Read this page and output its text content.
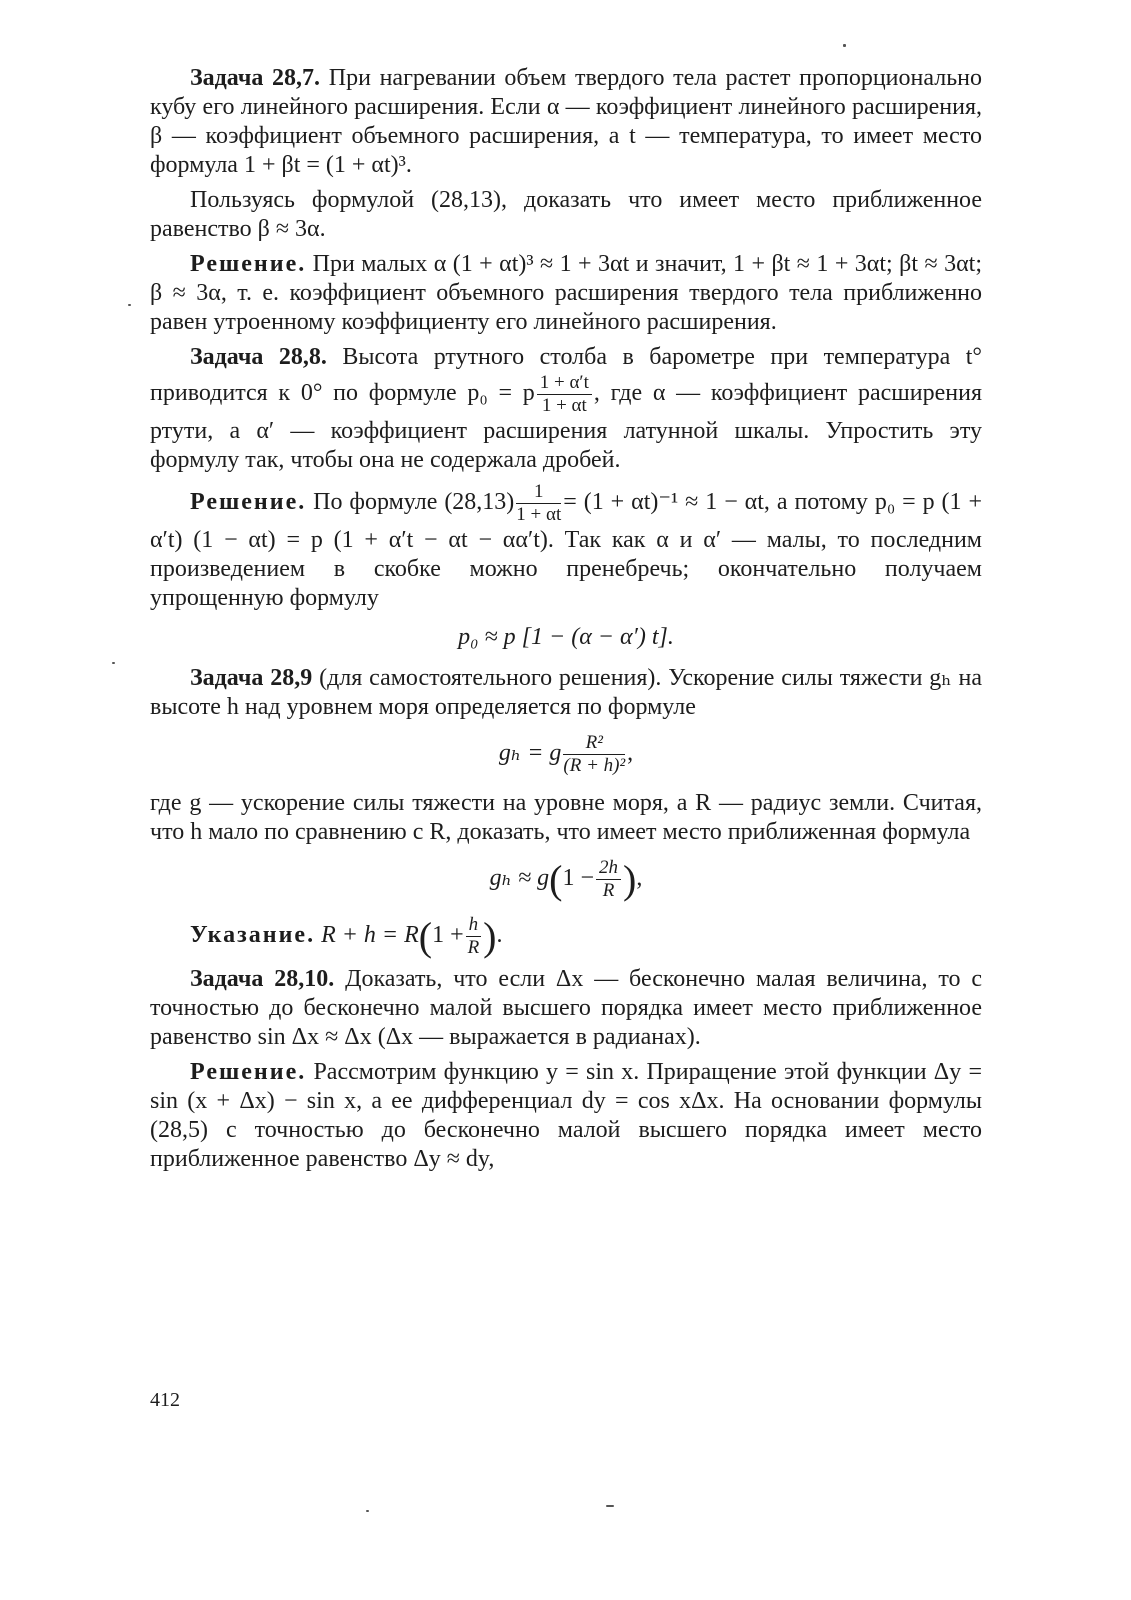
Задача 28,7. При нагревании объем твердого тела растет пропорционально кубу его линейного расширения. Если α — коэффициент линейного расширения, β — коэффициент объемного расширения, а t — температура, то имеет место формула 1 + βt = (1 + αt)³.

Пользуясь формулой (28,13), доказать что имеет место приближенное равенство β ≈ 3α.

Решение. При малых α (1 + αt)³ ≈ 1 + 3αt и значит, 1 + βt ≈ 1 + 3αt; βt ≈ 3αt; β ≈ 3α, т. е. коэффициент объемного расширения твердого тела приближенно равен утроенному коэффициенту его линейного расширения.

Задача 28,8. Высота ртутного столба в барометре при температура t° приводится к 0° по формуле p₀ = p $\frac{1 + \alpha't}{1 + \alpha t}$ , где α — коэффициент расширения ртути, а α′ — коэффициент расширения латунной шкалы. Упростить эту формулу так, чтобы она не содержала дробей.

Решение. По формуле $(28,13) \frac{1}{1 + \alpha t} = (1 + \alpha t)^{-1} \approx 1 - \alpha t$, а потому p₀ = p (1 + α′t) (1 − αt) = p (1 + α′t − αt − αα′t). Так как α и α′ — малы, то последним произведением в скобке можно пренебречь; окончательно получаем упрощенную формулу

p₀ ≈ p [1 − (α − α′) t].

Задача 28,9 (для самостоятельного решения). Ускорение силы тяжести gₕ на высоте h над уровнем моря определяется по формуле

gₕ = g $\frac{\text{R²}}{\text{(R + h)²}}$ ,

где g — ускорение силы тяжести на уровне моря, а R — радиус земли. Считая, что h мало по сравнению с R, доказать, что имеет место приближенная формула

$g_h \approx g(1 - \frac{2h}{R}$ ),

Указание. $R + h = R(1 + \frac{h}{R}$ ).

Задача 28,10. Доказать, что если Δx — бесконечно малая величина, то с точностью до бесконечно малой высшего порядка имеет место приближенное равенство sin Δx ≈ Δx (Δx — выражается в радианах).

Решение. Рассмотрим функцию y = sin x. Приращение этой функции Δy = sin (x + Δx) − sin x, а ее дифференциал dy = cos xΔx. На основании формулы (28,5) с точностью до бесконечно малой высшего порядка имеет место приближенное равенство Δy ≈ dy,

412
